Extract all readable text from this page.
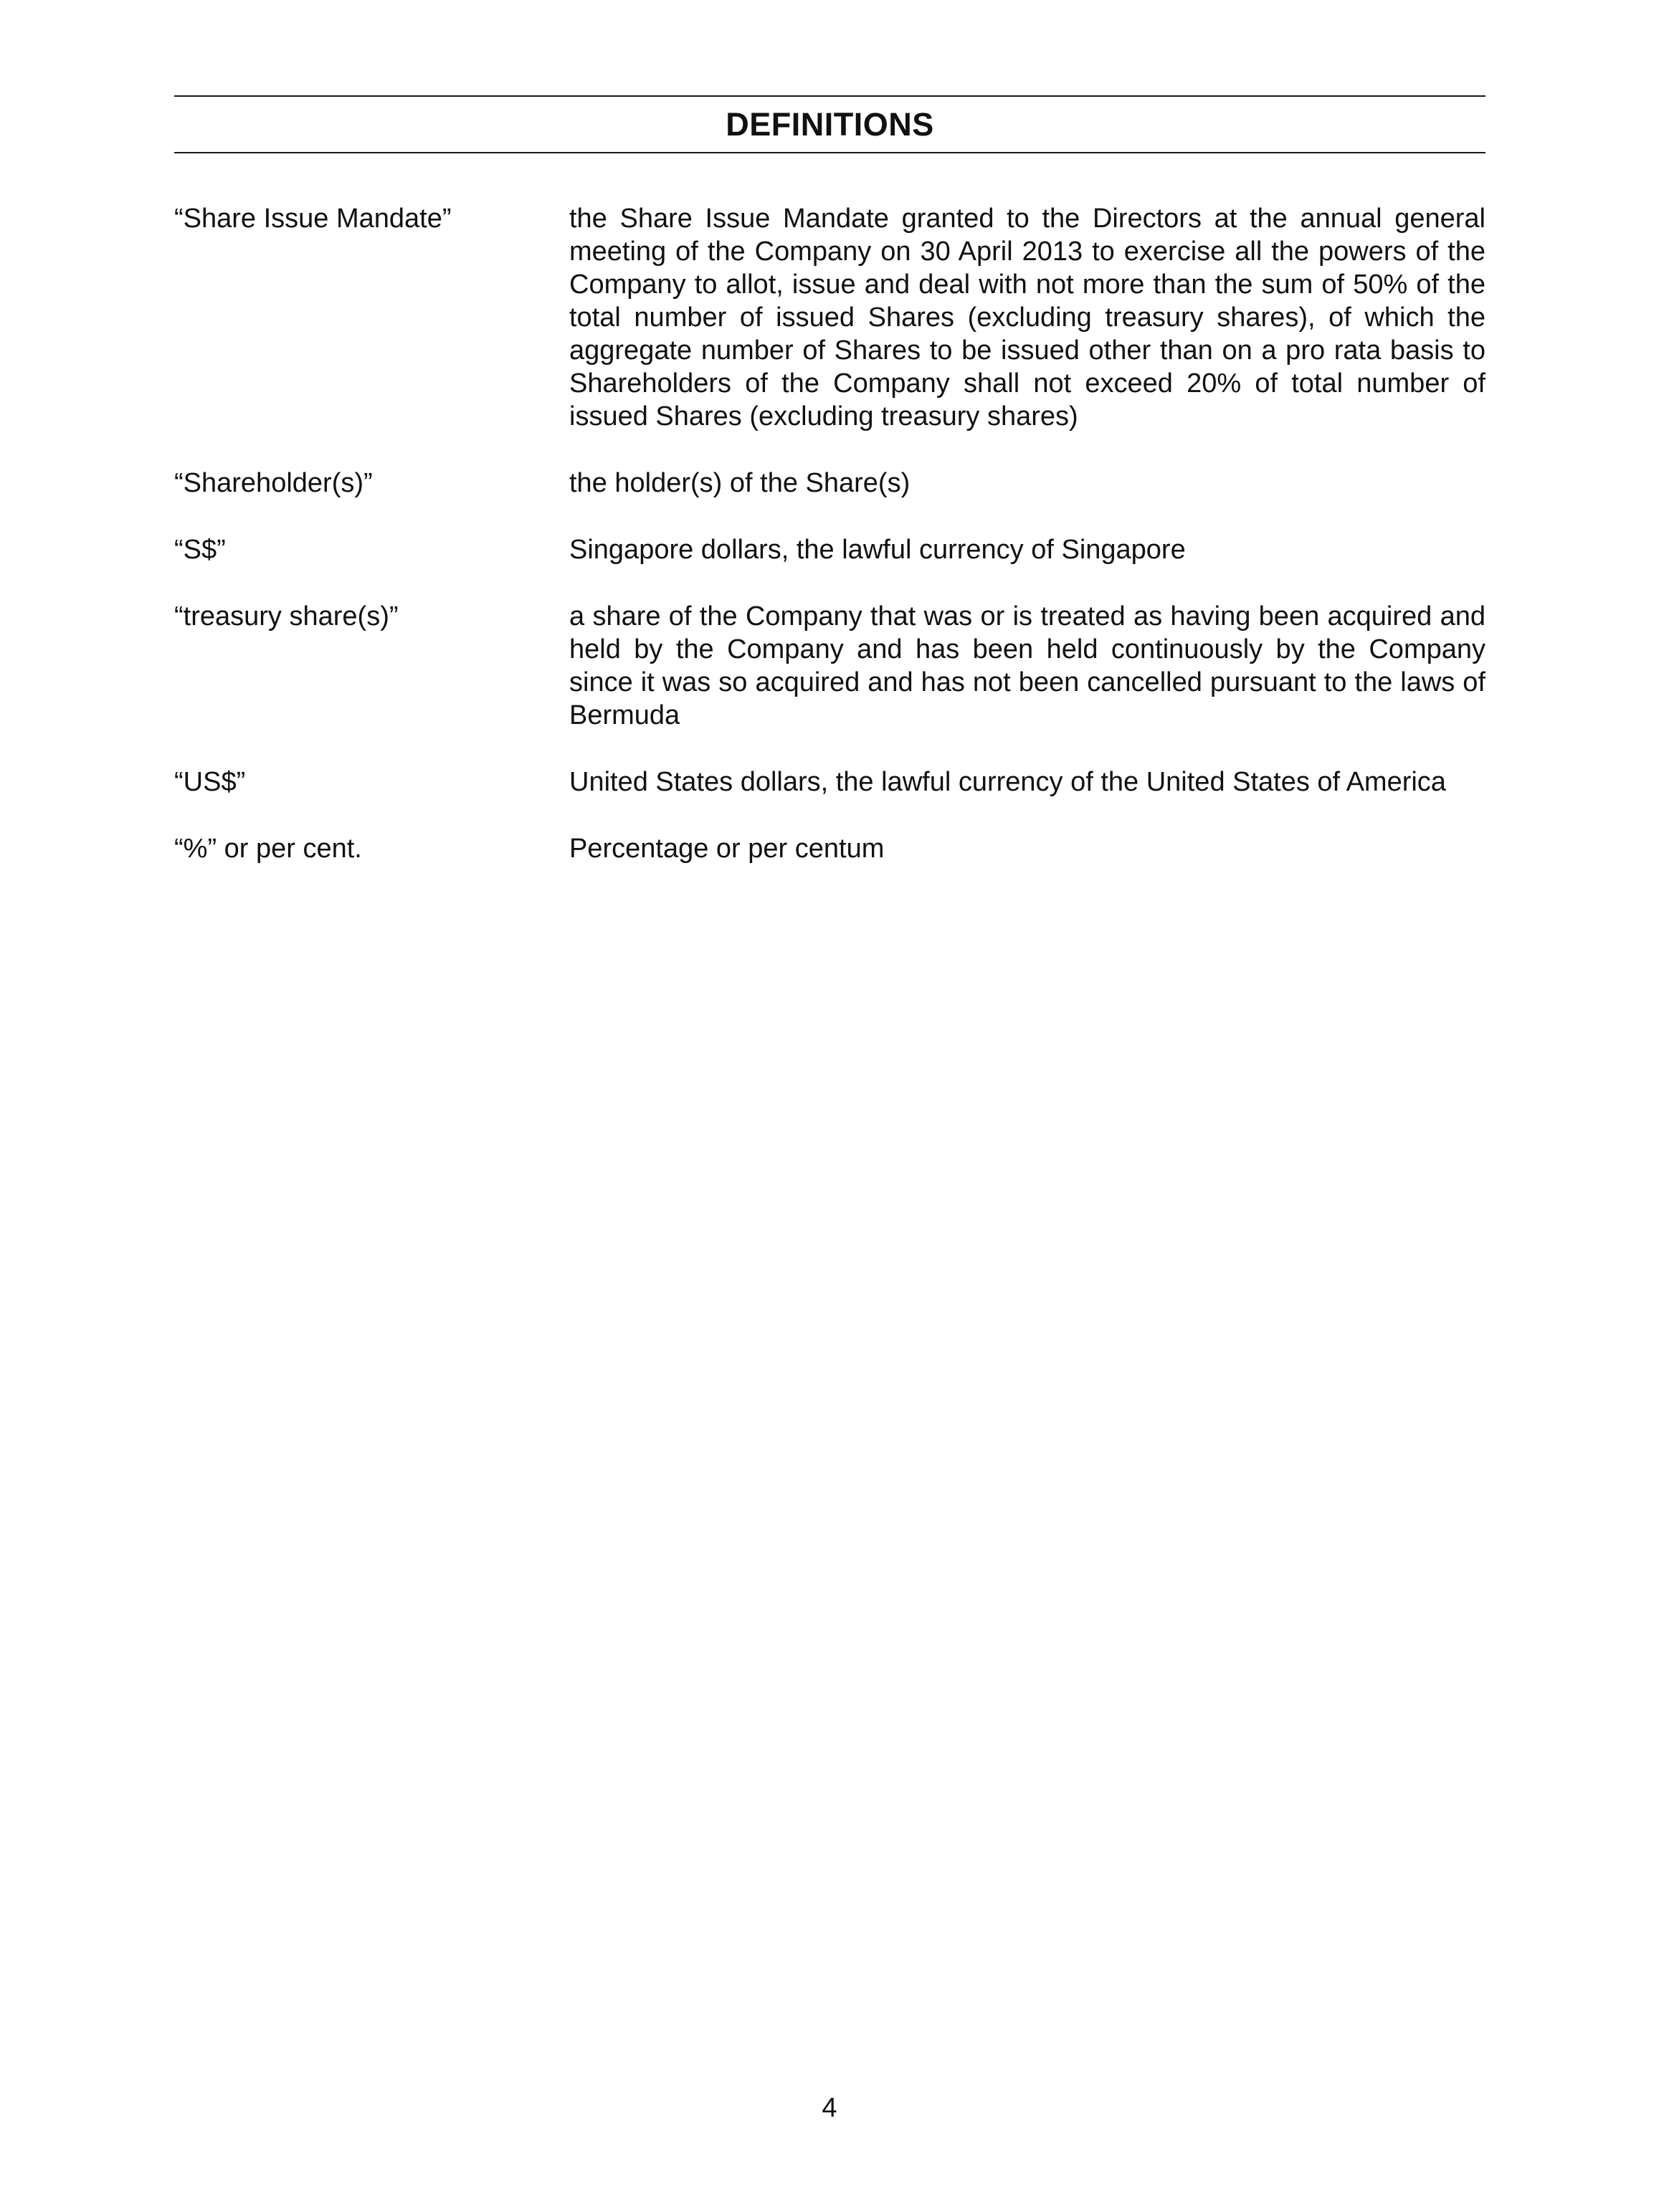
DEFINITIONS
“Share Issue Mandate”	the Share Issue Mandate granted to the Directors at the annual general meeting of the Company on 30 April 2013 to exercise all the powers of the Company to allot, issue and deal with not more than the sum of 50% of the total number of issued Shares (excluding treasury shares), of which the aggregate number of Shares to be issued other than on a pro rata basis to Shareholders of the Company shall not exceed 20% of total number of issued Shares (excluding treasury shares)
“Shareholder(s)”	the holder(s) of the Share(s)
“S$”	Singapore dollars, the lawful currency of Singapore
“treasury share(s)”	a share of the Company that was or is treated as having been acquired and held by the Company and has been held continuously by the Company since it was so acquired and has not been cancelled pursuant to the laws of Bermuda
“US$”	United States dollars, the lawful currency of the United States of America
“%” or per cent.	Percentage or per centum
4
